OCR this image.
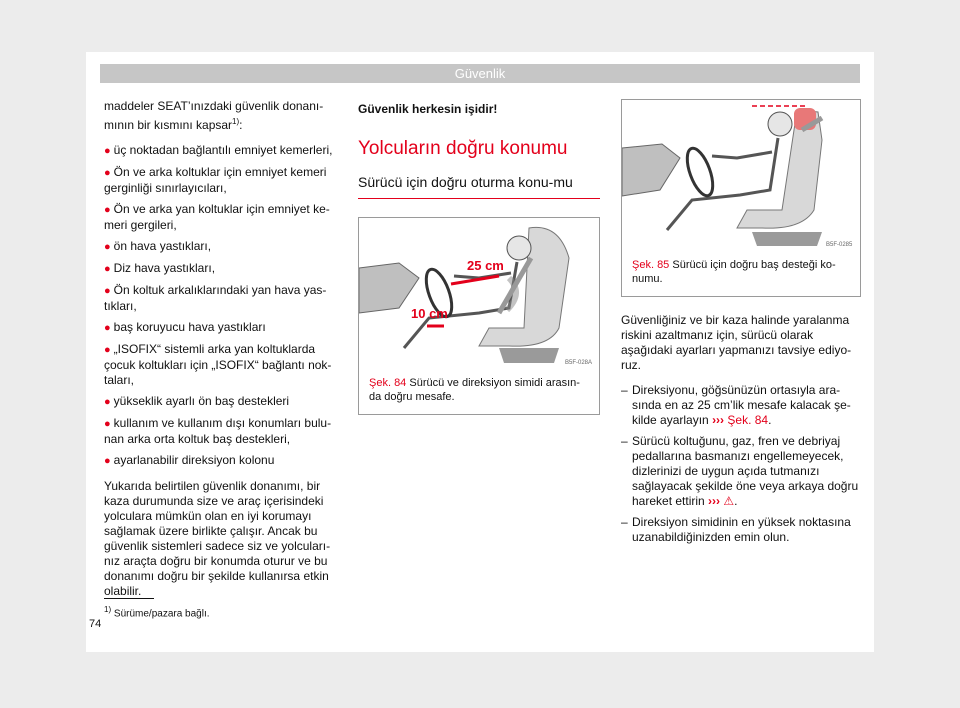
Güvenlik

maddeler SEAT’ınızdaki güvenlik donanı-mının bir kısmını kapsar$^{1)}$:

● üç noktadan bağlantılı emniyet kemerleri,
● Ön ve arka koltuklar için emniyet kemeri gerginliği sınırlayıcıları,
● Ön ve arka yan koltuklar için emniyet ke-meri gergileri,
● ön hava yastıkları,
● Diz hava yastıkları,
● Ön koltuk arkalıklarındaki yan hava yas-tıkları,
● baş koruyucu hava yastıkları
● „ISOFIX“ sistemli arka yan koltuklarda çocuk koltukları için „ISOFIX“ bağlantı nok-taları,
● yükseklik ayarlı ön baş destekleri
● kullanım ve kullanım dışı konumları bulu-nan arka orta koltuk baş destekleri,
● ayarlanabilir direksiyon kolonu

Yukarıda belirtilen güvenlik donanımı, bir kaza durumunda size ve araç içerisindeki yolculara mümkün olan en iyi korumayı sağlamak üzere birlikte çalışır. Ancak bu güvenlik sistemleri sadece siz ve yolcuları-nız araçta doğru bir konumda oturur ve bu donanımı doğru bir şekilde kullanırsa etkin olabilir.

Güvenlik herkesin işidir!
Yolcuların doğru konumu
Sürücü için doğru oturma konu-mu
25 cm
10 cm
B5F-028A
Şek. 84 Sürücü ve direksiyon simidi arasın-da doğru mesafe.
B5F-0285
Şek. 85 Sürücü için doğru baş desteği ko-numu.

Güvenliğiniz ve bir kaza halinde yaralanma riskini azaltmanız için, sürücü olarak aşağıdaki ayarları yapmanızı tavsiye ediyo-ruz.

– Direksiyonu, göğsünüzün ortasıyla ara-sında en az 25 cm’lik mesafe kalacak şe-kilde ayarlayın ››› Şek. 84.
– Sürücü koltuğunu, gaz, fren ve debriyaj pedallarına basmanızı engellemeyecek, dizlerinizi de uygun açıda tutmanızı sağlayacak şekilde öne veya arkaya doğru hareket ettirin ››› ⚠.
– Direksiyon simidinin en yüksek noktasına uzanabildiğinizden emin olun.
$^{1)}$ Sürüme/pazara bağlı.
74
